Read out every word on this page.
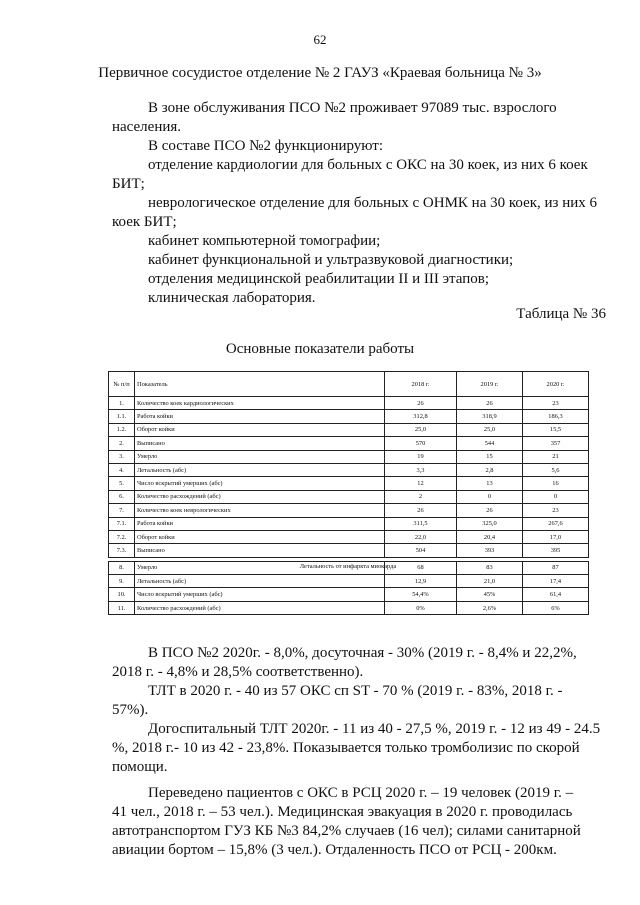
62
Первичное сосудистое отделение № 2 ГАУЗ «Краевая больница № 3»
В зоне обслуживания ПСО №2 проживает 97089 тыс. взрослого
населения.
В составе ПСО №2 функционируют:
отделение кардиологии для больных с ОКС на 30 коек, из них 6 коек
БИТ;
неврологическое отделение для больных с ОНМК на 30 коек, из них 6
коек БИТ;
кабинет компьютерной томографии;
кабинет функциональной и ультразвуковой диагностики;
отделения медицинской реабилитации II и III этапов;
клиническая лаборатория.
Таблица № 36
Основные показатели работы
№ п/п	Показатель	2018 г.	2019 г.	2020 г.
1.	Количество коек кардиологических	26	26	23
1.1.	Работа койки	312,8	318,9	186,3
1.2.	Оборот койки	25,0	25,0	15,5
2.	Выписано	570	544	357
3.	Умерло	19	15	21
4.	Летальность (абс)	3,3	2,8	5,6
5.	Число вскрытий умерших (абс)	12	13	16
6.	Количество расхождений (абс)	2	0	0
7.	Количество коек неврологических	26	26	23
7.1.	Работа койки	311,5	325,0	267,6
7.2.	Оборот койки	22,0	20,4	17,0
7.3.	Выписано	504	393	395

8.	Умерло	68	83	87
9.	Летальность (абс)	12,9	21,0	17,4
10.	Число вскрытий умерших (абс)	54,4%	45%	61,4
11.	Количество расхождений (абс)	0%	2,6%	6%
Летальность от инфаркта миокарда
В ПСО №2 2020г. - 8,0%, досуточная - 30% (2019 г. - 8,4% и 22,2%,
2018 г. - 4,8% и 28,5% соответственно).
ТЛТ в 2020 г. - 40 из 57 ОКС сп ST - 70 % (2019 г. - 83%, 2018 г. -
57%).
Догоспитальный ТЛТ 2020г. - 11 из 40 - 27,5 %, 2019 г. - 12 из 49 - 24.5
%, 2018 г.- 10 из 42 - 23,8%. Показывается только тромболизис по скорой
помощи.
Переведено пациентов с ОКС в РСЦ 2020 г. – 19 человек (2019 г. –
41 чел., 2018 г. – 53 чел.). Медицинская эвакуация в 2020 г. проводилась
автотранспортом ГУЗ КБ №3 84,2% случаев (16 чел); силами санитарной
авиации бортом – 15,8% (3 чел.). Отдаленность ПСО от РСЦ - 200км.
